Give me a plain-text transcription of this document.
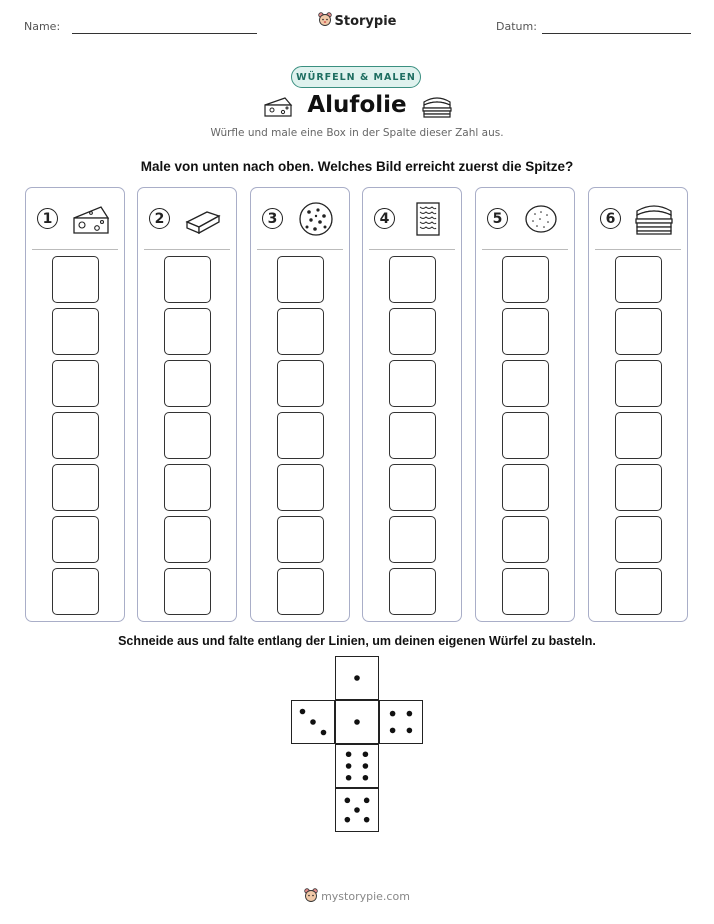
Name:	Storypie	Datum:
WÜRFELN & MALEN
Alufolie
Würfle und male eine Box in der Spalte dieser Zahl aus.
Male von unten nach oben. Welches Bild erreicht zuerst die Spitze?
1	2	3	4	5	6
Schneide aus und falte entlang der Linien, um deinen eigenen Würfel zu basteln.
mystorypie.com
